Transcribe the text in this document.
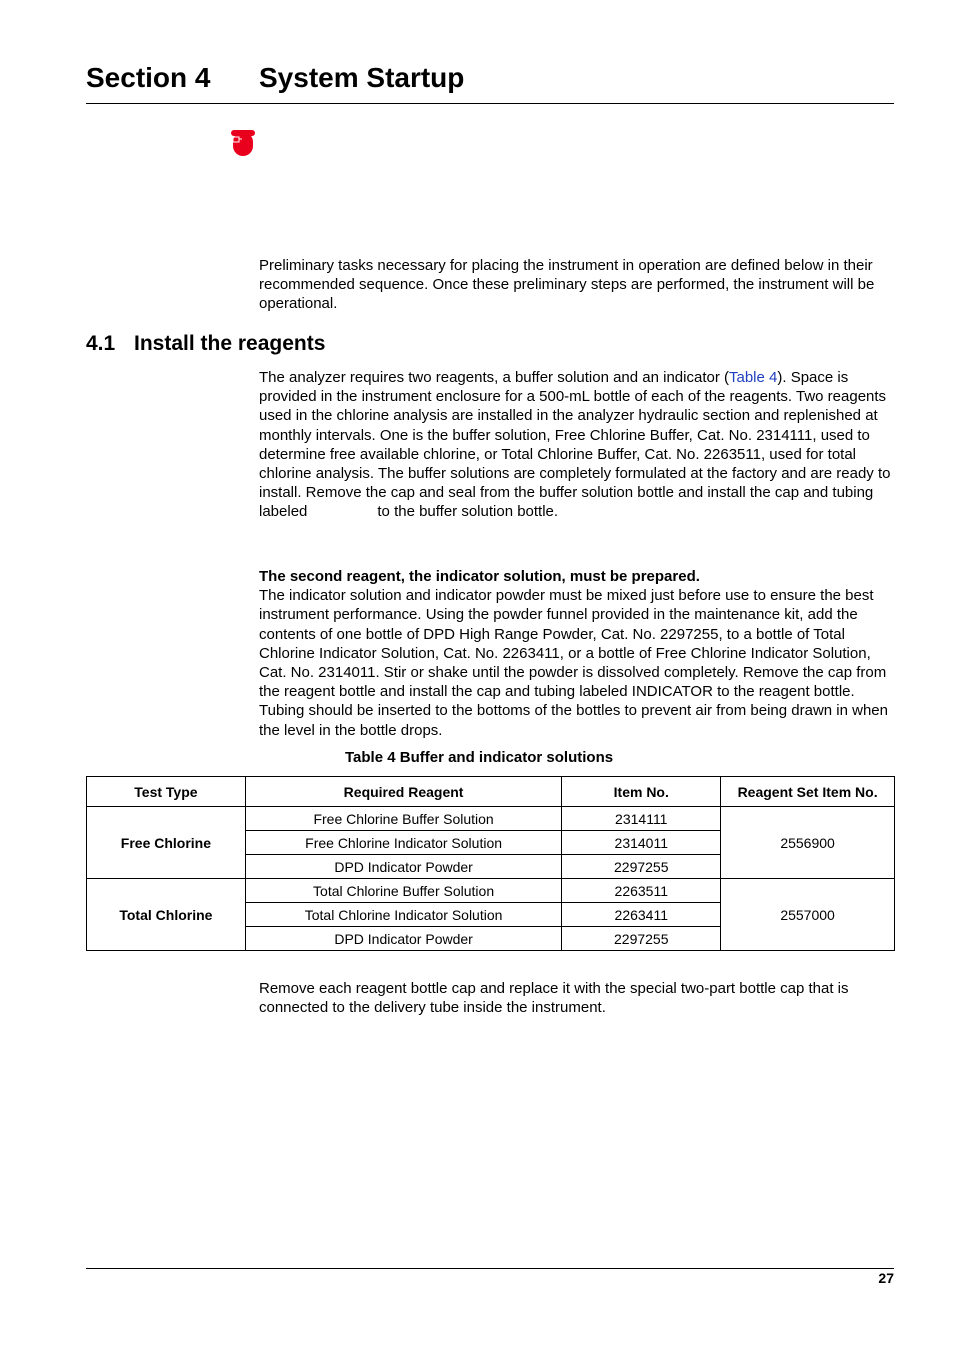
Section 4 System Startup

Preliminary tasks necessary for placing the instrument in operation are defined below in their recommended sequence. Once these preliminary steps are performed, the instrument will be operational.

4.1 Install the reagents

The analyzer requires two reagents, a buffer solution and an indicator (Table 4). Space is provided in the instrument enclosure for a 500-mL bottle of each of the reagents. Two reagents used in the chlorine analysis are installed in the analyzer hydraulic section and replenished at monthly intervals. One is the buffer solution, Free Chlorine Buffer, Cat. No. 2314111, used to determine free available chlorine, or Total Chlorine Buffer, Cat. No. 2263511, used for total chlorine analysis. The buffer solutions are completely formulated at the factory and are ready to install. Remove the cap and seal from the buffer solution bottle and install the cap and tubing labeled	to the buffer solution bottle.

The second reagent, the indicator solution, must be prepared.
The indicator solution and indicator powder must be mixed just before use to ensure the best instrument performance. Using the powder funnel provided in the maintenance kit, add the contents of one bottle of DPD High Range Powder, Cat. No. 2297255, to a bottle of Total Chlorine Indicator Solution, Cat. No. 2263411, or a bottle of Free Chlorine Indicator Solution, Cat. No. 2314011. Stir or shake until the powder is dissolved completely. Remove the cap from the reagent bottle and install the cap and tubing labeled INDICATOR to the reagent bottle. Tubing should be inserted to the bottoms of the bottles to prevent air from being drawn in when the level in the bottle drops.

Table 4 Buffer and indicator solutions

Test Type	Required Reagent	Item No.	Reagent Set Item No.
Free Chlorine	Free Chlorine Buffer Solution	2314111	2556900
	Free Chlorine Indicator Solution	2314011	
	DPD Indicator Powder	2297255	
Total Chlorine	Total Chlorine Buffer Solution	2263511	2557000
	Total Chlorine Indicator Solution	2263411	
	DPD Indicator Powder	2297255	

Remove each reagent bottle cap and replace it with the special two-part bottle cap that is connected to the delivery tube inside the instrument.

27
